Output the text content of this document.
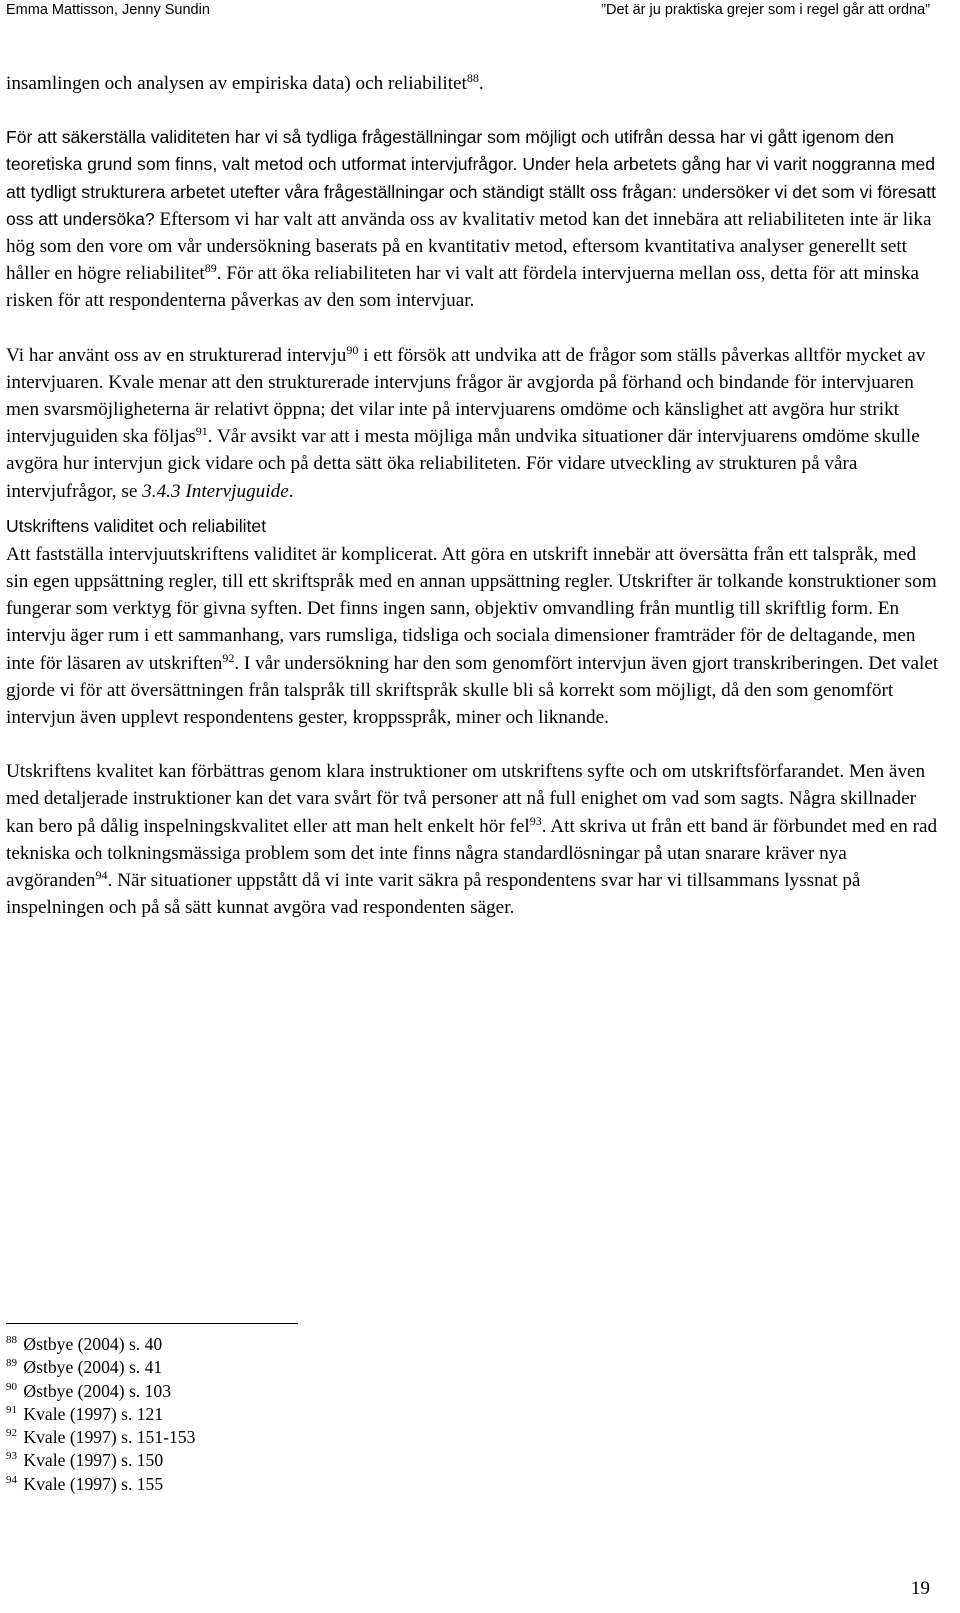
Emma Mattisson, Jenny Sundin	”Det är ju praktiska grejer som i regel går att ordna”

insamlingen och analysen av empiriska data) och reliabilitet$^{88}$.

För att säkerställa validiteten har vi så tydliga frågeställningar som möjligt och utifrån dessa har vi gått igenom den teoretiska grund som finns, valt metod och utformat intervjufrågor. Under hela arbetets gång har vi varit noggranna med att tydligt strukturera arbetet utefter våra frågeställningar och ständigt ställt oss frågan: undersöker vi det som vi föresatt oss att undersöka? Eftersom vi har valt att använda oss av kvalitativ metod kan det innebära att reliabiliteten inte är lika hög som den vore om vår undersökning baserats på en kvantitativ metod, eftersom kvantitativa analyser generellt sett håller en högre reliabilitet$^{89}$. För att öka reliabiliteten har vi valt att fördela intervjuerna mellan oss, detta för att minska risken för att respondenterna påverkas av den som intervjuar.

Vi har använt oss av en strukturerad intervju$^{90}$ i ett försök att undvika att de frågor som ställs påverkas alltför mycket av intervjuaren. Kvale menar att den strukturerade intervjuns frågor är avgjorda på förhand och bindande för intervjuaren men svarsmöjligheterna är relativt öppna; det vilar inte på intervjuarens omdöme och känslighet att avgöra hur strikt intervjuguiden ska följas$^{91}$. Vår avsikt var att i mesta möjliga mån undvika situationer där intervjuarens omdöme skulle avgöra hur intervjun gick vidare och på detta sätt öka reliabiliteten. För vidare utveckling av strukturen på våra intervjufrågor, se 3.4.3 Intervjuguide.

Utskriftens validitet och reliabilitet

Att fastställa intervjuutskriftens validitet är komplicerat. Att göra en utskrift innebär att översätta från ett talspråk, med sin egen uppsättning regler, till ett skriftspråk med en annan uppsättning regler. Utskrifter är tolkande konstruktioner som fungerar som verktyg för givna syften. Det finns ingen sann, objektiv omvandling från muntlig till skriftlig form. En intervju äger rum i ett sammanhang, vars rumsliga, tidsliga och sociala dimensioner framträder för de deltagande, men inte för läsaren av utskriften$^{92}$. I vår undersökning har den som genomfört intervjun även gjort transkriberingen. Det valet gjorde vi för att översättningen från talspråk till skriftspråk skulle bli så korrekt som möjligt, då den som genomfört intervjun även upplevt respondentens gester, kroppsspråk, miner och liknande.

Utskriftens kvalitet kan förbättras genom klara instruktioner om utskriftens syfte och om utskriftsförfarandet. Men även med detaljerade instruktioner kan det vara svårt för två personer att nå full enighet om vad som sagts. Några skillnader kan bero på dålig inspelningskvalitet eller att man helt enkelt hör fel$^{93}$. Att skriva ut från ett band är förbundet med en rad tekniska och tolkningsmässiga problem som det inte finns några standardlösningar på utan snarare kräver nya avgöranden$^{94}$. När situationer uppstått då vi inte varit säkra på respondentens svar har vi tillsammans lyssnat på inspelningen och på så sätt kunnat avgöra vad respondenten säger.

$^{88}$ Østbye (2004) s. 40
$^{89}$ Østbye (2004) s. 41
$^{90}$ Østbye (2004) s. 103
$^{91}$ Kvale (1997) s. 121
$^{92}$ Kvale (1997) s. 151-153
$^{93}$ Kvale (1997) s. 150
$^{94}$ Kvale (1997) s. 155
19
